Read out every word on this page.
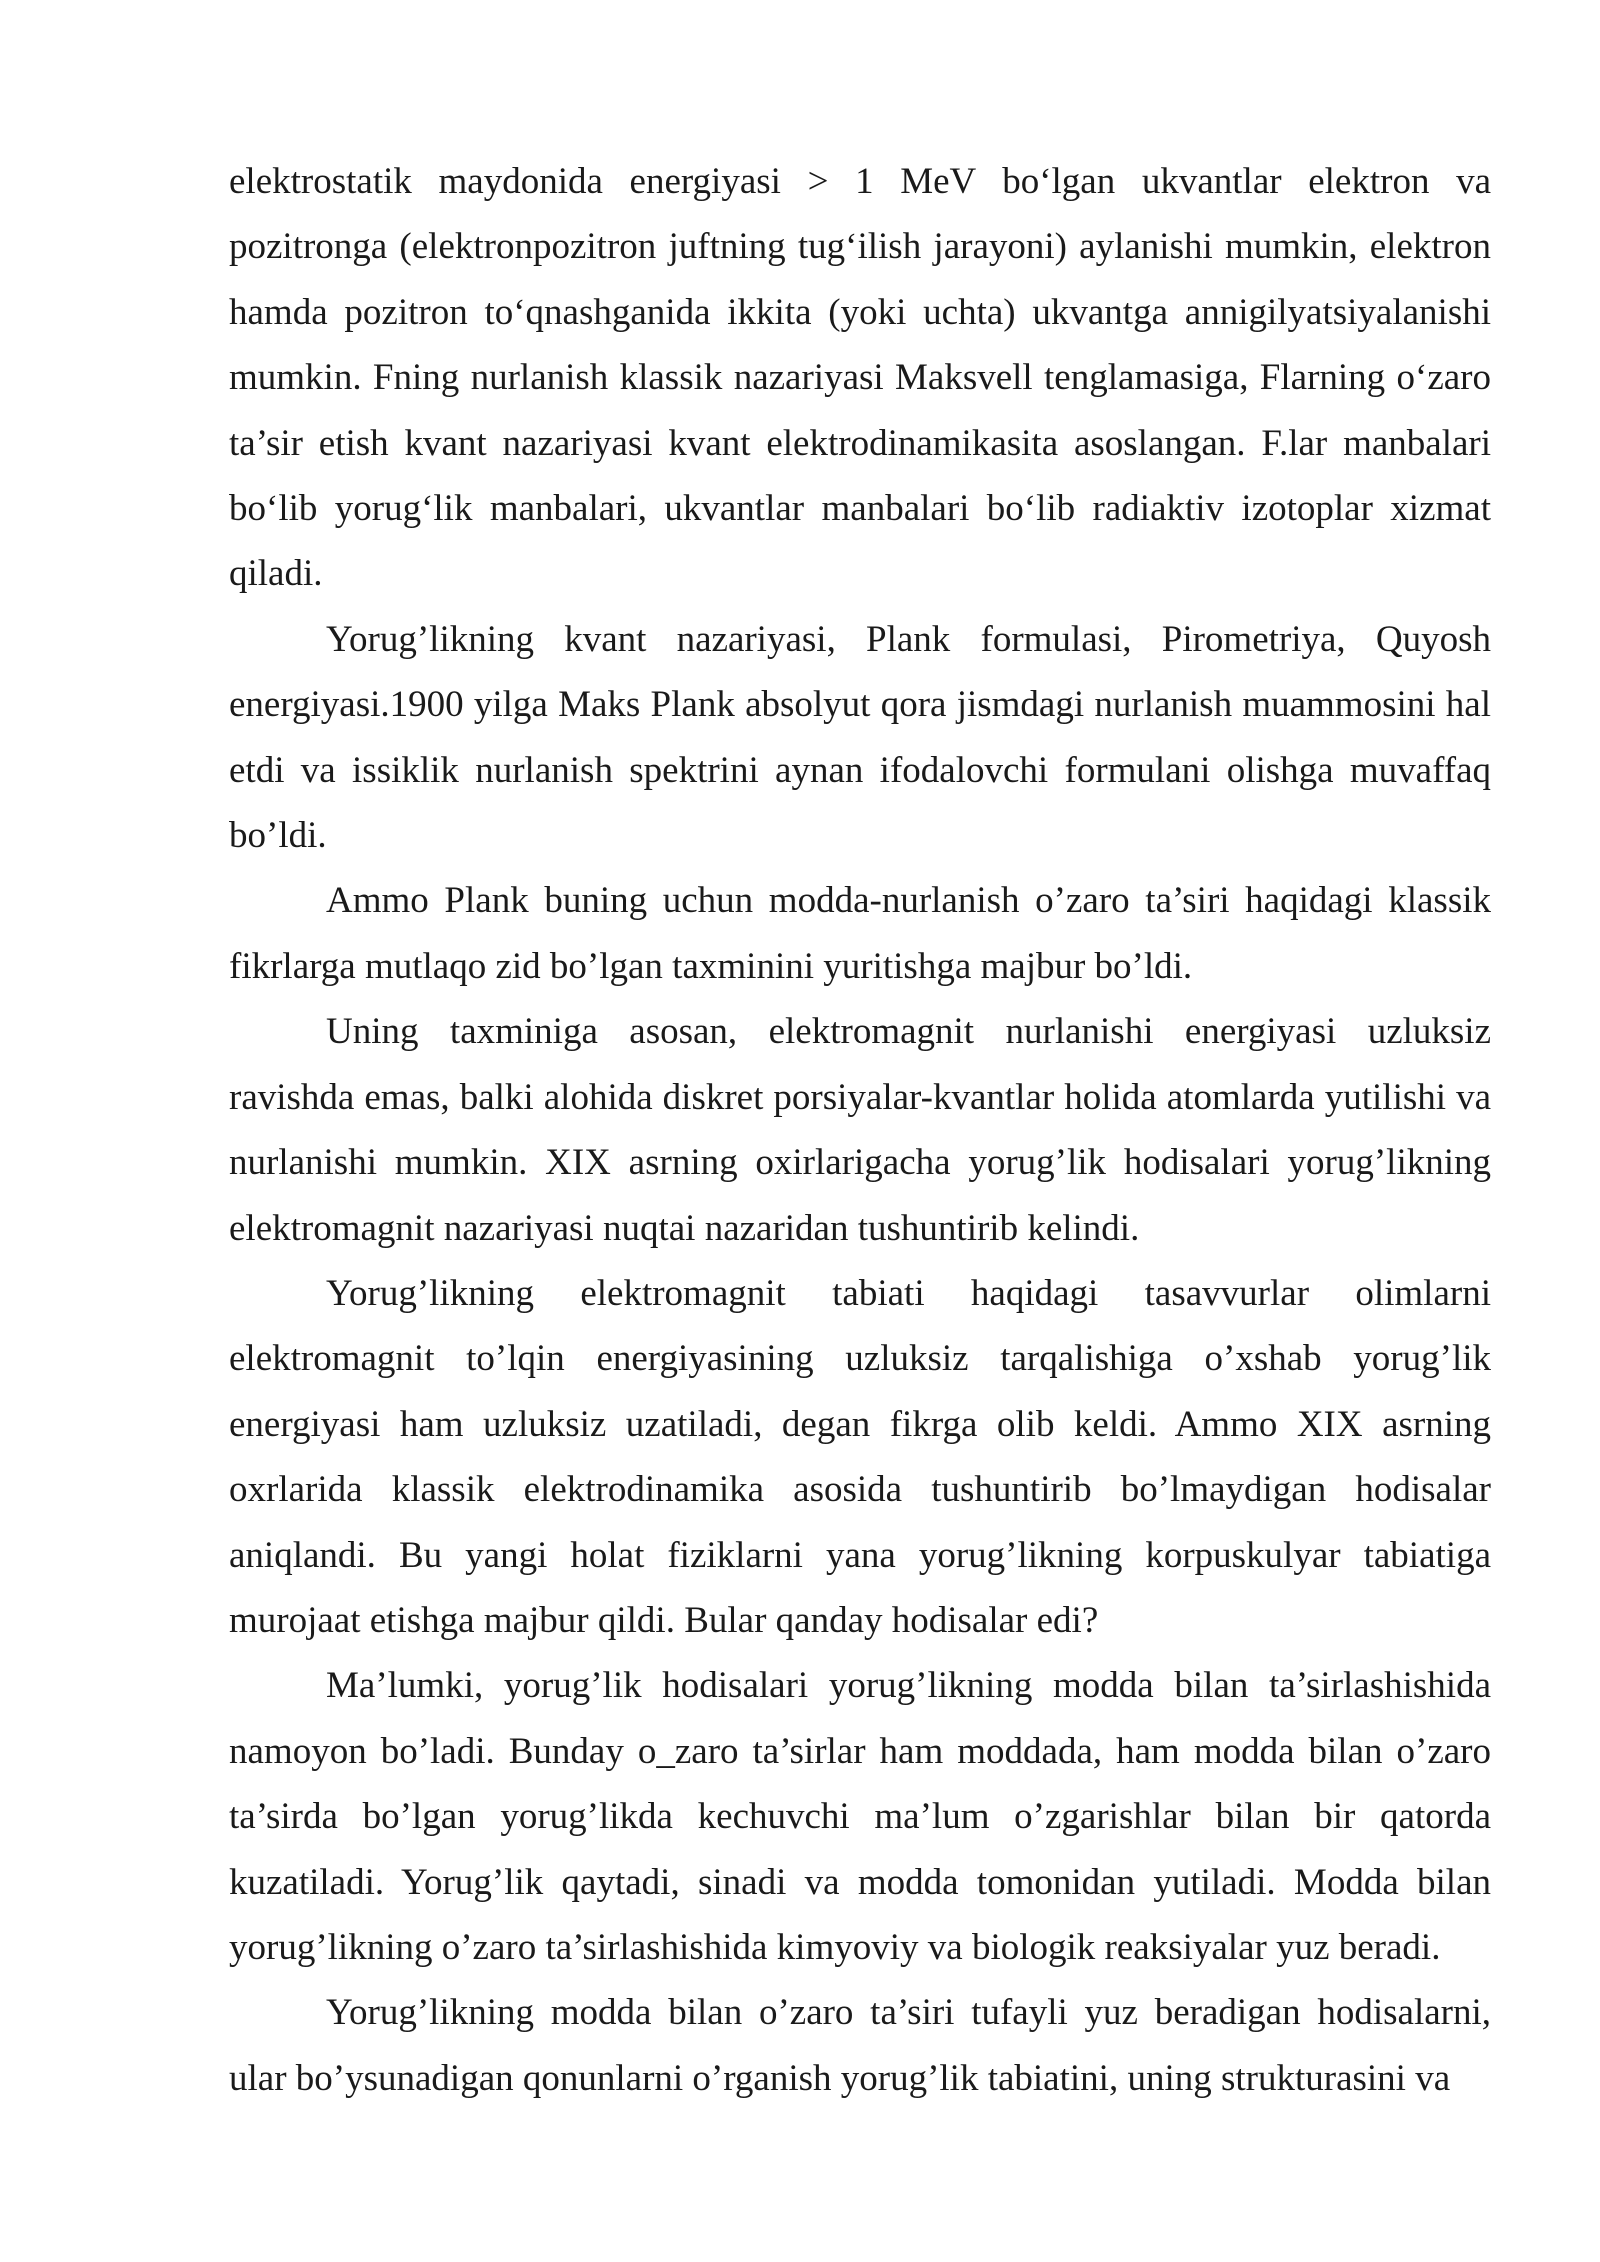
elektrostatik maydonida energiyasi > 1 MeV bo‘lgan ukvantlar elektron va pozitronga (elektronpozitron juftning tug‘ilish jarayoni) aylanishi mumkin, elektron hamda pozitron to‘qnashganida ikkita (yoki uchta) ukvantga annigilyatsiyalanishi mumkin. Fning nurlanish klassik nazariyasi Maksvell tenglamasiga, Flarning o‘zaro ta’sir etish kvant nazariyasi kvant elektrodinamikasita asoslangan. F.lar manbalari bo‘lib yorug‘lik manbalari, ukvantlar manbalari bo‘lib radiaktiv izotoplar xizmat qiladi.

Yorug’likning kvant nazariyasi, Plank formulasi, Pirometriya, Quyosh energiyasi.1900 yilga Maks Plank absolyut qora jismdagi nurlanish muammosini hal etdi va issiklik nurlanish spektrini aynan ifodalovchi formulani olishga muvaffaq bo’ldi.

Ammo Plank buning uchun modda-nurlanish o’zaro ta’siri haqidagi klassik fikrlarga mutlaqo zid bo’lgan taxminini yuritishga majbur bo’ldi.

Uning taxminiga asosan, elektromagnit nurlanishi energiyasi uzluksiz ravishda emas, balki alohida diskret porsiyalar-kvantlar holida atomlarda yutilishi va nurlanishi mumkin. XIX asrning oxirlarigacha yorug’lik hodisalari yorug’likning elektromagnit nazariyasi nuqtai nazaridan tushuntirib kelindi.

Yorug’likning elektromagnit tabiati haqidagi tasavvurlar olimlarni elektromagnit to’lqin energiyasining uzluksiz tarqalishiga o’xshab yorug’lik energiyasi ham uzluksiz uzatiladi, degan fikrga olib keldi. Ammo XIX asrning oxrlarida klassik elektrodinamika asosida tushuntirib bo’lmaydigan hodisalar aniqlandi. Bu yangi holat fiziklarni yana yorug’likning korpuskulyar tabiatiga murojaat etishga majbur qildi. Bular qanday hodisalar edi?

Ma’lumki, yorug’lik hodisalari yorug’likning modda bilan ta’sirlashishida namoyon bo’ladi. Bunday o_zaro ta’sirlar ham moddada, ham modda bilan o’zaro ta’sirda bo’lgan yorug’likda kechuvchi ma’lum o’zgarishlar bilan bir qatorda kuzatiladi. Yorug’lik qaytadi, sinadi va modda tomonidan yutiladi. Modda bilan yorug’likning o’zaro ta’sirlashishida kimyoviy va biologik reaksiyalar yuz beradi.

Yorug’likning modda bilan o’zaro ta’siri tufayli yuz beradigan hodisalarni, ular bo’ysunadigan qonunlarni o’rganish yorug’lik tabiatini, uning strukturasini va
